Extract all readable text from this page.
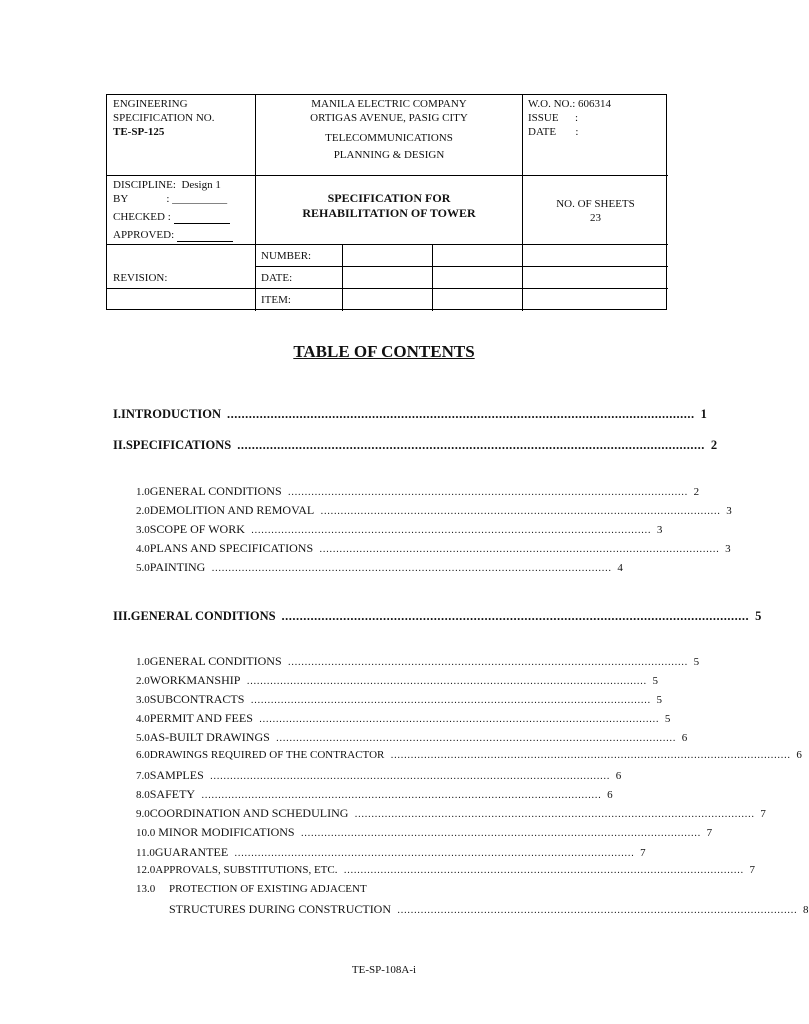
ENGINEERING
SPECIFICATION NO.
TE-SP-125
MANILA ELECTRIC COMPANY
ORTIGAS AVENUE, PASIG CITY
TELECOMMUNICATIONS
PLANNING & DESIGN
W.O. NO.: 606314
ISSUE      :
DATE       :
DISCIPLINE:  Design 1
BY              : __________
CHECKED :
APPROVED:
SPECIFICATION FOR
REHABILITATION OF TOWER
NO. OF SHEETS
23
REVISION:
NUMBER:
DATE:
ITEM:
TABLE OF CONTENTS
I. INTRODUCTION ................................................................................................................................. 1
II. SPECIFICATIONS ................................................................................................................................. 2
III. GENERAL CONDITIONS ................................................................................................................................. 5
1.0 GENERAL CONDITIONS ………………………………………………………………………………………………………… 2
2.0 DEMOLITION AND REMOVAL ………………………………………………………………………………………………………… 3
3.0 SCOPE OF WORK ………………………………………………………………………………………………………… 3
4.0 PLANS AND SPECIFICATIONS ………………………………………………………………………………………………………… 3
5.0 PAINTING ………………………………………………………………………………………………………… 4
1.0 GENERAL CONDITIONS ………………………………………………………………………………………………………… 5
2.0 WORKMANSHIP ………………………………………………………………………………………………………… 5
3.0 SUBCONTRACTS ………………………………………………………………………………………………………… 5
4.0 PERMIT AND FEES ………………………………………………………………………………………………………… 5
5.0 AS-BUILT DRAWINGS ………………………………………………………………………………………………………… 6
6.0 DRAWINGS REQUIRED OF THE CONTRACTOR ………………………………………………………………………………………………………… 6
7.0 SAMPLES ………………………………………………………………………………………………………… 6
8.0 SAFETY ………………………………………………………………………………………………………… 6
9.0 COORDINATION AND SCHEDULING ………………………………………………………………………………………………………… 7
10.0 MINOR MODIFICATIONS ………………………………………………………………………………………………………… 7
11.0 GUARANTEE ………………………………………………………………………………………………………… 7
12.0 APPROVALS, SUBSTITUTIONS, ETC. ………………………………………………………………………………………………………… 7
13.0	PROTECTION OF EXISTING ADJACENT
STRUCTURES DURING CONSTRUCTION ………………………………………………………………………………………………………… 8
TE-SP-108A-i
